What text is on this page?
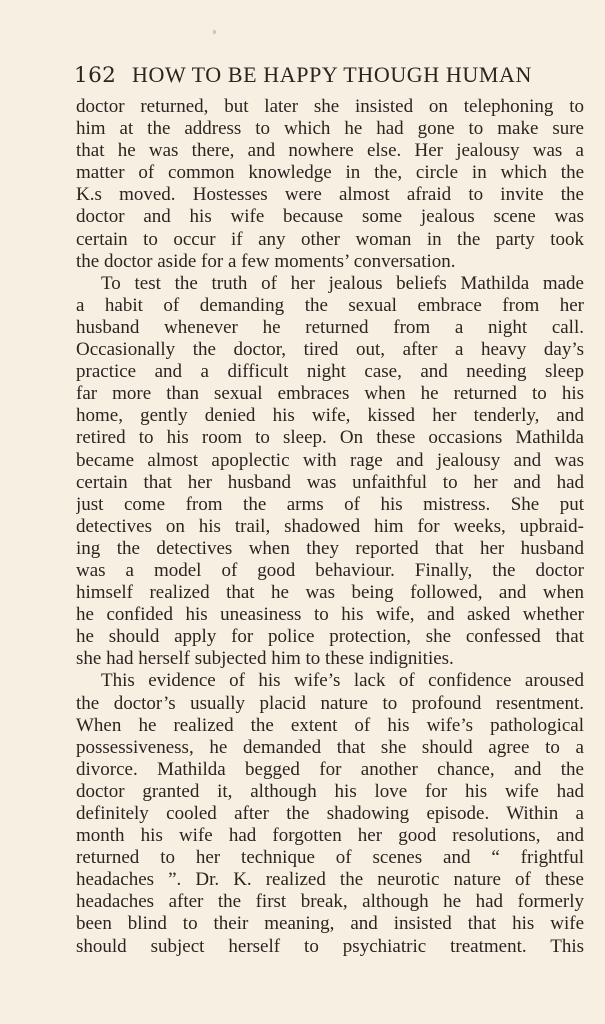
162 HOW TO BE HAPPY THOUGH HUMAN
doctor returned, but later she insisted on telephoning to
him at the address to which he had gone to make sure
that he was there, and nowhere else. Her jealousy was a
matter of common knowledge in the, circle in which the
K.s moved. Hostesses were almost afraid to invite the
doctor and his wife because some jealous scene was
certain to occur if any other woman in the party took
the doctor aside for a few moments’ conversation.
To test the truth of her jealous beliefs Mathilda made
a habit of demanding the sexual embrace from her
husband whenever he returned from a night call.
Occasionally the doctor, tired out, after a heavy day’s
practice and a difficult night case, and needing sleep
far more than sexual embraces when he returned to his
home, gently denied his wife, kissed her tenderly, and
retired to his room to sleep. On these occasions Mathilda
became almost apoplectic with rage and jealousy and was
certain that her husband was unfaithful to her and had
just come from the arms of his mistress. She put
detectives on his trail, shadowed him for weeks, upbraid-
ing the detectives when they reported that her husband
was a model of good behaviour. Finally, the doctor
himself realized that he was being followed, and when
he confided his uneasiness to his wife, and asked whether
he should apply for police protection, she confessed that
she had herself subjected him to these indignities.
This evidence of his wife’s lack of confidence aroused
the doctor’s usually placid nature to profound resentment.
When he realized the extent of his wife’s pathological
possessiveness, he demanded that she should agree to a
divorce. Mathilda begged for another chance, and the
doctor granted it, although his love for his wife had
definitely cooled after the shadowing episode. Within a
month his wife had forgotten her good resolutions, and
returned to her technique of scenes and “ frightful
headaches ”. Dr. K. realized the neurotic nature of these
headaches after the first break, although he had formerly
been blind to their meaning, and insisted that his wife
should subject herself to psychiatric treatment. This
